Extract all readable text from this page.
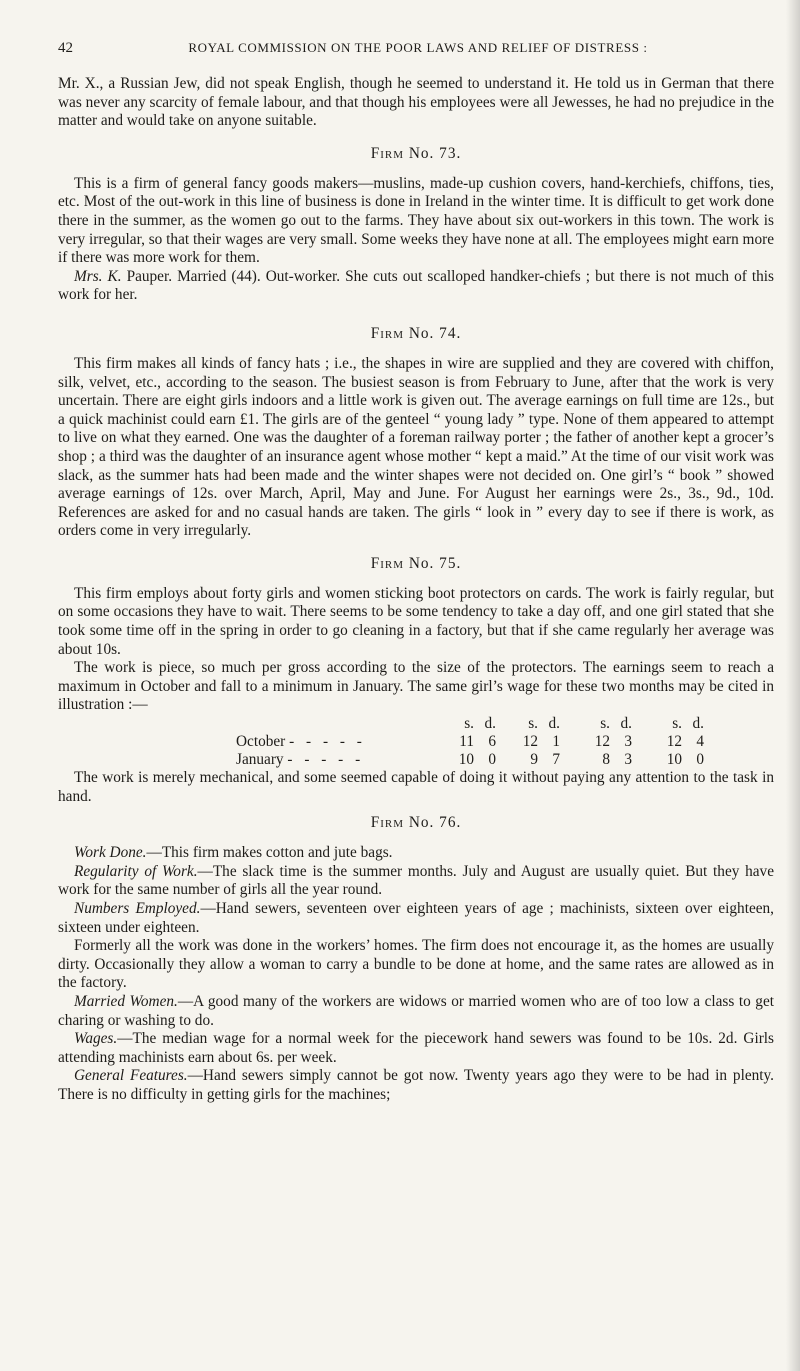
42	ROYAL COMMISSION ON THE POOR LAWS AND RELIEF OF DISTRESS :

Mr. X., a Russian Jew, did not speak English, though he seemed to understand it. He told us in German that there was never any scarcity of female labour, and that though his employees were all Jewesses, he had no prejudice in the matter and would take on anyone suitable.

Firm No. 73.

This is a firm of general fancy goods makers—muslins, made-up cushion covers, hand-kerchiefs, chiffons, ties, etc. Most of the out-work in this line of business is done in Ireland in the winter time. It is difficult to get work done there in the summer, as the women go out to the farms. They have about six out-workers in this town. The work is very irregular, so that their wages are very small. Some weeks they have none at all. The employees might earn more if there was more work for them.

Mrs. K. Pauper. Married (44). Out-worker. She cuts out scalloped handker-chiefs ; but there is not much of this work for her.

Firm No. 74.

This firm makes all kinds of fancy hats ; i.e., the shapes in wire are supplied and they are covered with chiffon, silk, velvet, etc., according to the season. The busiest season is from February to June, after that the work is very uncertain. There are eight girls indoors and a little work is given out. The average earnings on full time are 12s., but a quick machinist could earn £1. The girls are of the genteel “ young lady ” type. None of them appeared to attempt to live on what they earned. One was the daughter of a foreman railway porter ; the father of another kept a grocer’s shop ; a third was the daughter of an insurance agent whose mother “ kept a maid.” At the time of our visit work was slack, as the summer hats had been made and the winter shapes were not decided on. One girl’s “ book ” showed average earnings of 12s. over March, April, May and June. For August her earnings were 2s., 3s., 9d., 10d. References are asked for and no casual hands are taken. The girls “ look in ” every day to see if there is work, as orders come in very irregularly.

Firm No. 75.

This firm employs about forty girls and women sticking boot protectors on cards. The work is fairly regular, but on some occasions they have to wait. There seems to be some tendency to take a day off, and one girl stated that she took some time off in the spring in order to go cleaning in a factory, but that if she came regularly her average was about 10s.

The work is piece, so much per gross according to the size of the protectors. The earnings seem to reach a maximum in October and fall to a minimum in January. The same girl’s wage for these two months may be cited in illustration :—

	s.	d.	s.	d.	s.	d.	s.	d.
October - - - - -	11	6	12	1	12	3	12	4
January - - - - -	10	0	9	7	8	3	10	0

The work is merely mechanical, and some seemed capable of doing it without paying any attention to the task in hand.

Firm No. 76.

Work Done.—This firm makes cotton and jute bags.

Regularity of Work.—The slack time is the summer months. July and August are usually quiet. But they have work for the same number of girls all the year round.

Numbers Employed.—Hand sewers, seventeen over eighteen years of age ; machinists, sixteen over eighteen, sixteen under eighteen.

Formerly all the work was done in the workers’ homes. The firm does not encourage it, as the homes are usually dirty. Occasionally they allow a woman to carry a bundle to be done at home, and the same rates are allowed as in the factory.

Married Women.—A good many of the workers are widows or married women who are of too low a class to get charing or washing to do.

Wages.—The median wage for a normal week for the piecework hand sewers was found to be 10s. 2d. Girls attending machinists earn about 6s. per week.

General Features.—Hand sewers simply cannot be got now. Twenty years ago they were to be had in plenty. There is no difficulty in getting girls for the machines;
